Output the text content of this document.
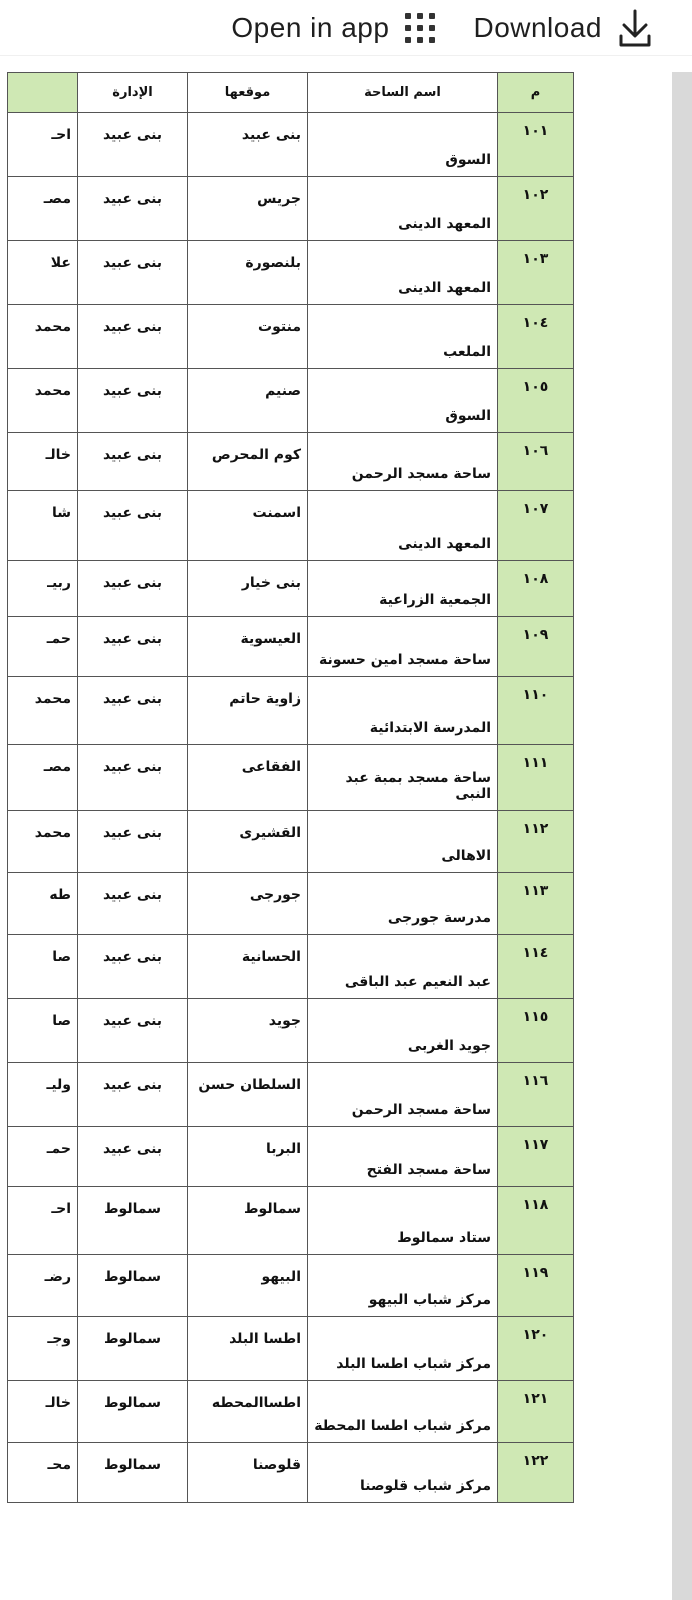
Open in app	Download
م	اسم الساحة	موقعها	الإدارة	
١٠١	السوق	بنى عبيد	بنى عبيد	احـ
١٠٢	المعهد الدينى	جريس	بنى عبيد	مصـ
١٠٣	المعهد الدينى	بلنصورة	بنى عبيد	علا
١٠٤	الملعب	منتوت	بنى عبيد	محمد
١٠٥	السوق	صنيم	بنى عبيد	محمد
١٠٦	ساحة مسجد الرحمن	كوم المحرص	بنى عبيد	خالـ
١٠٧	المعهد الدينى	اسمنت	بنى عبيد	شا
١٠٨	الجمعية الزراعية	بنى خيار	بنى عبيد	ربيـ
١٠٩	ساحة مسجد امين حسونة	العيسوية	بنى عبيد	حمـ
١١٠	المدرسة الابتدائية	زاوية حاتم	بنى عبيد	محمد
١١١	ساحة مسجد بمبة عبد النبى	الفقاعى	بنى عبيد	مصـ
١١٢	الاهالى	القشيرى	بنى عبيد	محمد
١١٣	مدرسة جورجى	جورجى	بنى عبيد	طه
١١٤	عبد النعيم عبد الباقى	الحسانية	بنى عبيد	صا
١١٥	جويد الغربى	جويد	بنى عبيد	صا
١١٦	ساحة مسجد الرحمن	السلطان حسن	بنى عبيد	وليـ
١١٧	ساحة مسجد الفتح	البربا	بنى عبيد	حمـ
١١٨	ستاد سمالوط	سمالوط	سمالوط	احـ
١١٩	مركز شباب البيهو	البيهو	سمالوط	رضـ
١٢٠	مركز شباب اطسا البلد	اطسا البلد	سمالوط	وجـ
١٢١	مركز شباب اطسا المحطة	اطساالمحطه	سمالوط	خالـ
١٢٢	مركز شباب قلوصنا	قلوصنا	سمالوط	محـ
